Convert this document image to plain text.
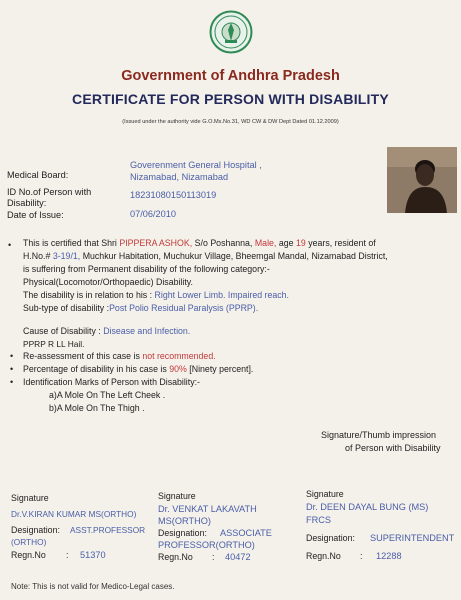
Government of Andhra Pradesh
CERTIFICATE FOR PERSON WITH DISABILITY
(Issued under the authority vide G.O.Ms.No.31, WD CW & DW Dept Dated 01.12.2009)
Medical Board:
Goverenment General Hospital ,
Nizamabad, Nizamabad
ID No.of Person with
Disability:
18231080150113019
Date of Issue:	07/06/2010
• This is certified that Shri PIPPERA ASHOK, S/o Poshanna, Male, age 19 years, resident of
H.No.# 3-19/1, Muchkur Habitation, Muchukur Village, Bheemgal Mandal, Nizamabad District,
is suffering from Permanent disability of the following category:-
Physical(Locomotor/Orthopaedic) Disability.
The disability is in relation to his : Right Lower Limb. Impaired reach.
Sub-type of disability :Post Polio Residual Paralysis (PPRP).
Cause of Disability : Disease and Infection.
PPRP R LL Hail.
• Re-assessment of this case is not recommended.
• Percentage of disability in his case is 90% [Ninety percent].
• Identification Marks of Person with Disability:-
a)A Mole On The Left Cheek .
b)A Mole On The Thigh .
Signature/Thumb impression
of Person with Disability
Signature
Dr.V.KIRAN KUMAR MS(ORTHO)
Designation: ASST.PROFESSOR
(ORTHO)
Regn.No : 51370
Signature
Dr. VENKAT LAKAVATH
MS(ORTHO)
Designation: ASSOCIATE
PROFESSOR(ORTHO)
Regn.No : 40472
Signature
Dr. DEEN DAYAL BUNG (MS)
FRCS
Designation: SUPERINTENDENT
Regn.No : 12288
Note: This is not valid for Medico-Legal cases.
